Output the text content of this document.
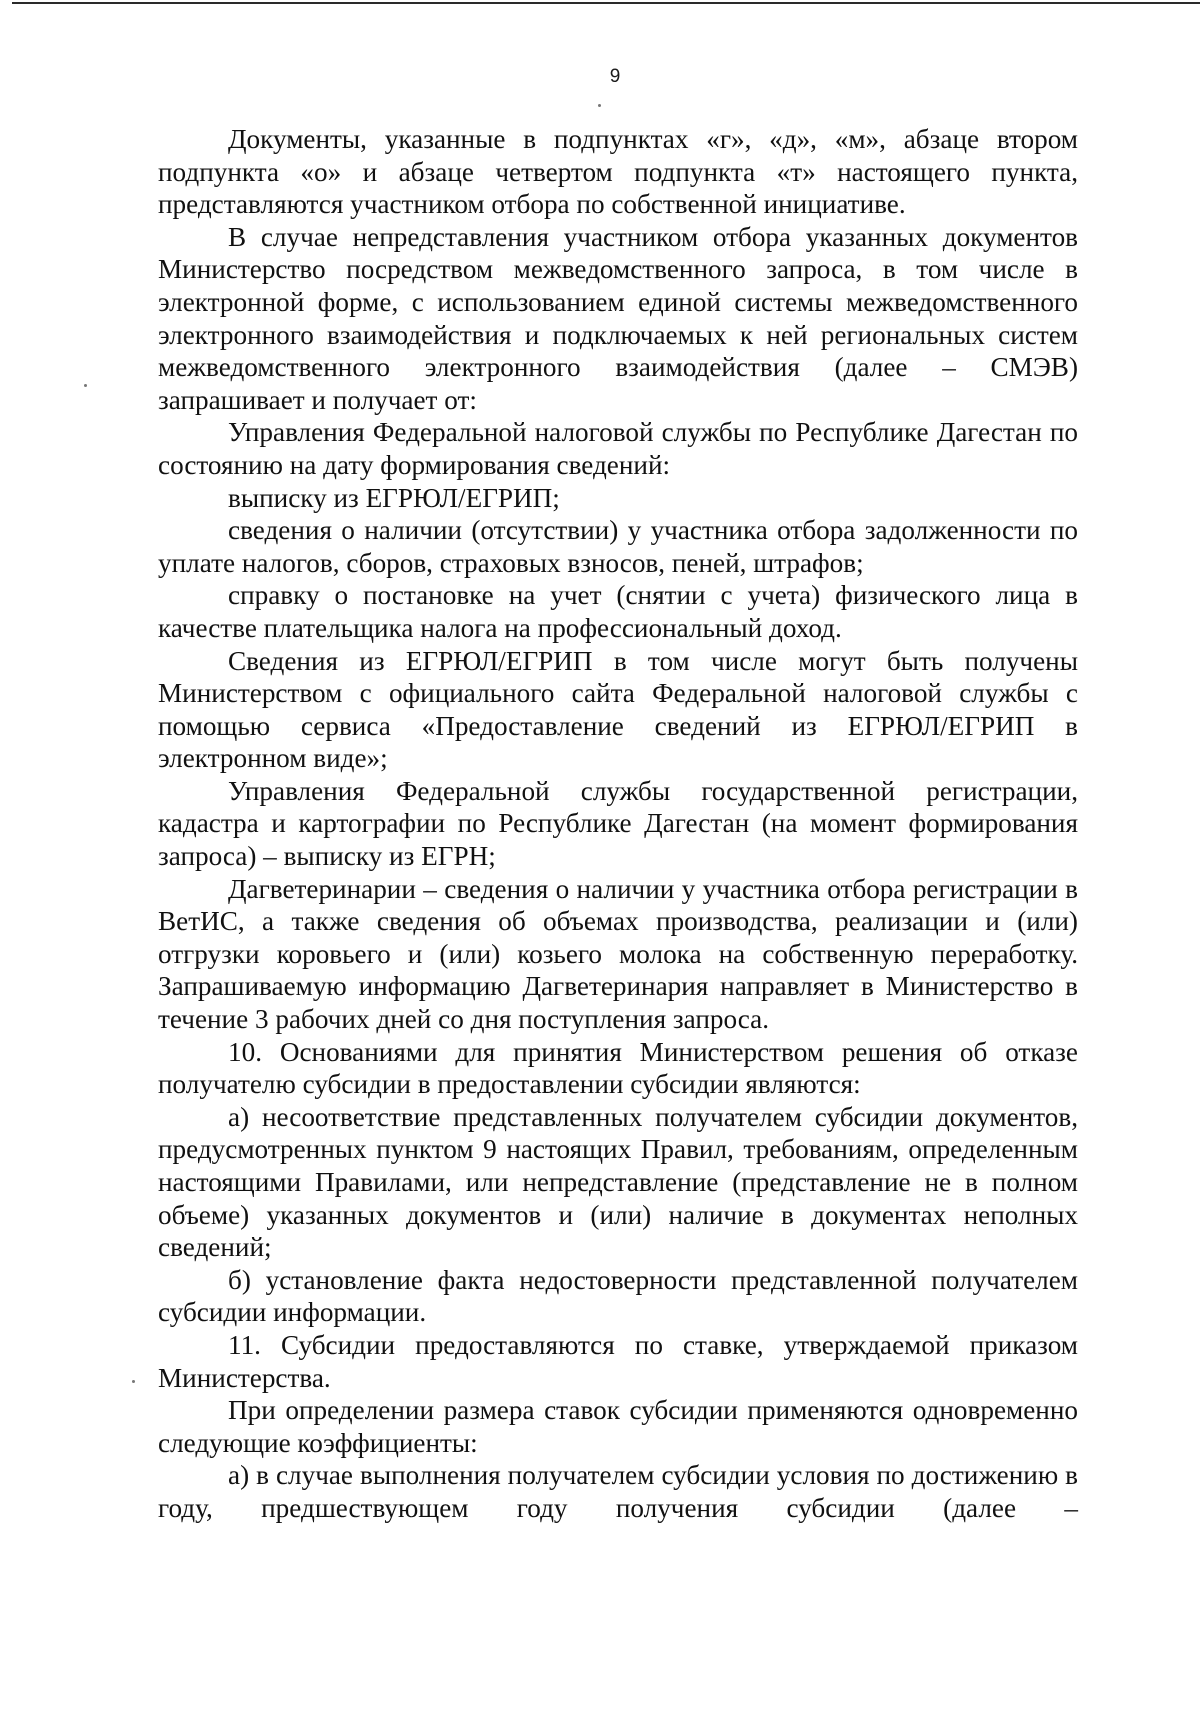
9

Документы, указанные в подпунктах «г», «д», «м», абзаце втором подпункта «о» и абзаце четвертом подпункта «т» настоящего пункта, представляются участником отбора по собственной инициативе.

В случае непредставления участником отбора указанных документов Министерство посредством межведомственного запроса, в том числе в электронной форме, с использованием единой системы межведомственного электронного взаимодействия и подключаемых к ней региональных систем межведомственного электронного взаимодействия (далее – СМЭВ) запрашивает и получает от:

Управления Федеральной налоговой службы по Республике Дагестан по состоянию на дату формирования сведений:

выписку из ЕГРЮЛ/ЕГРИП;

сведения о наличии (отсутствии) у участника отбора задолженности по уплате налогов, сборов, страховых взносов, пеней, штрафов;

справку о постановке на учет (снятии с учета) физического лица в качестве плательщика налога на профессиональный доход.

Сведения из ЕГРЮЛ/ЕГРИП в том числе могут быть получены Министерством с официального сайта Федеральной налоговой службы с помощью сервиса «Предоставление сведений из ЕГРЮЛ/ЕГРИП в электронном виде»;

Управления Федеральной службы государственной регистрации, кадастра и картографии по Республике Дагестан (на момент формирования запроса) – выписку из ЕГРН;

Дагветеринарии – сведения о наличии у участника отбора регистрации в ВетИС, а также сведения об объемах производства, реализации и (или) отгрузки коровьего и (или) козьего молока на собственную переработку. Запрашиваемую информацию Дагветеринария направляет в Министерство в течение 3 рабочих дней со дня поступления запроса.

10. Основаниями для принятия Министерством решения об отказе получателю субсидии в предоставлении субсидии являются:

а) несоответствие представленных получателем субсидии документов, предусмотренных пунктом 9 настоящих Правил, требованиям, определенным настоящими Правилами, или непредставление (представление не в полном объеме) указанных документов и (или) наличие в документах неполных сведений;

б) установление факта недостоверности представленной получателем субсидии информации.

11. Субсидии предоставляются по ставке, утверждаемой приказом Министерства.

При определении размера ставок субсидии применяются одновременно следующие коэффициенты:

а) в случае выполнения получателем субсидии условия по достижению в году, предшествующем году получения субсидии (далее –
